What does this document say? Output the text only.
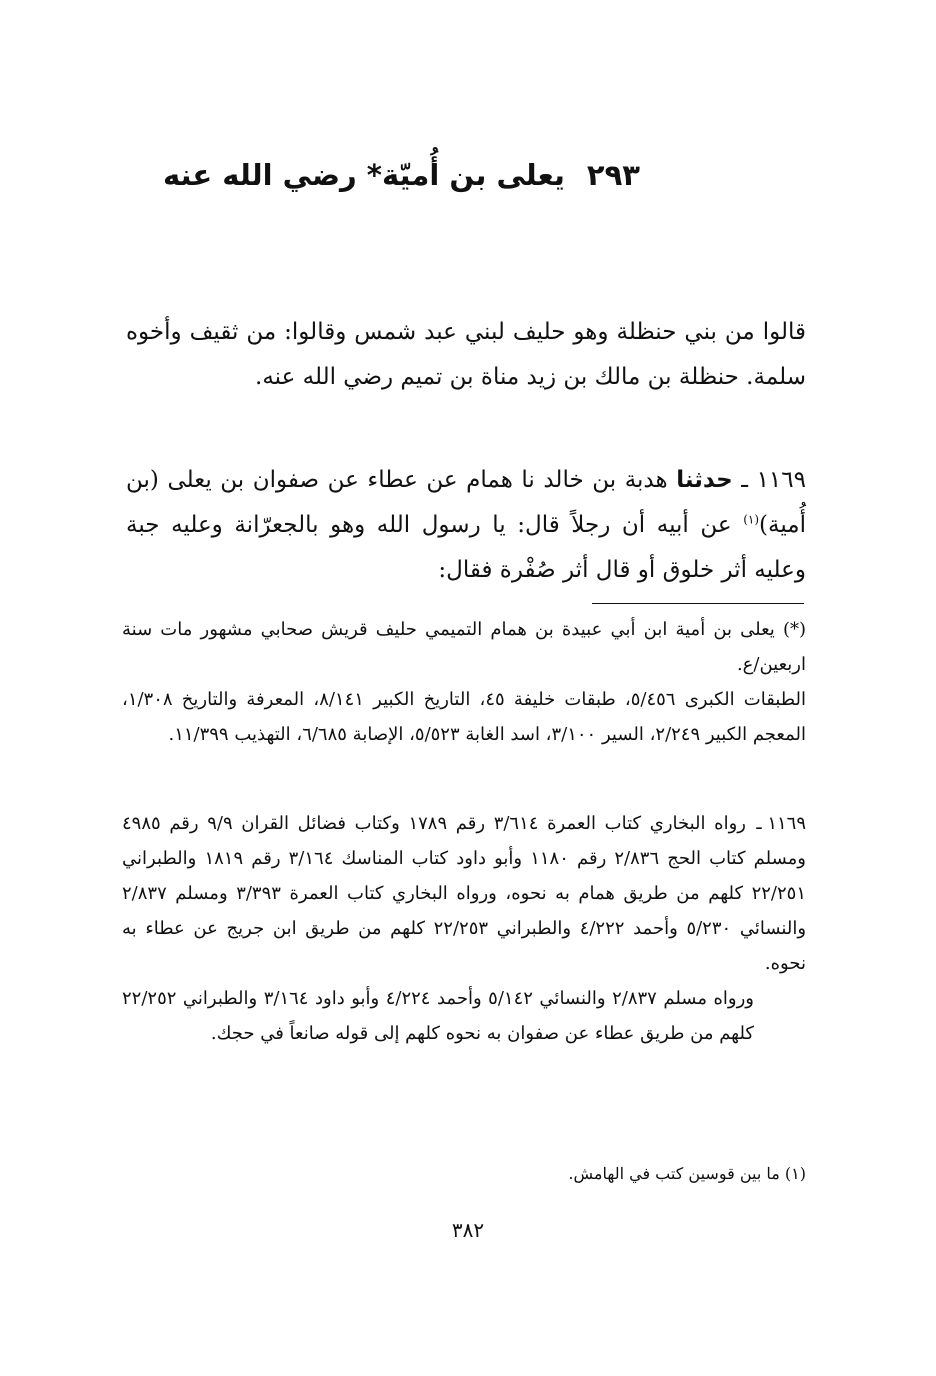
٢٩٣يعلى بن أُميّة* رضي الله عنه
قالوا من بني حنظلة وهو حليف لبني عبد شمس وقالوا: من ثقيف وأخوه سلمة. حنظلة بن مالك بن زيد مناة بن تميم رضي الله عنه.
١١٦٩ ـ حدثنا هدبة بن خالد نا همام عن عطاء عن صفوان بن يعلى (بن أُمية)$^{(١)}$ عن أبيه أن رجلاً قال: يا رسول الله وهو بالجعرّانة وعليه جبة وعليه أثر خلوق أو قال أثر صُفْرة فقال:

(*) يعلى بن أمية ابن أبي عبيدة بن همام التميمي حليف قريش صحابي مشهور مات سنة اربعين/ع.

الطبقات الكبرى ٥/٤٥٦، طبقات خليفة ٤٥، التاريخ الكبير ٨/١٤١، المعرفة والتاريخ ١/٣٠٨، المعجم الكبير ٢/٢٤٩، السير ٣/١٠٠، اسد الغابة ٥/٥٢٣، الإصابة ٦/٦٨٥، التهذيب ١١/٣٩٩.

١١٦٩ ـرواه البخاري كتاب العمرة ٣/٦١٤ رقم ١٧٨٩ وكتاب فضائل القران ٩/٩ رقم ٤٩٨٥ ومسلم كتاب الحج ٢/٨٣٦ رقم ١١٨٠ وأبو داود كتاب المناسك ٣/١٦٤ رقم ١٨١٩ والطبراني ٢٢/٢٥١ كلهم من طريق همام به نحوه، ورواه البخاري كتاب العمرة ٣/٣٩٣ ومسلم ٢/٨٣٧ والنسائي ٥/٢٣٠ وأحمد ٤/٢٢٢ والطبراني ٢٢/٢٥٣ كلهم من طريق ابن جريج عن عطاء به نحوه.

ورواه مسلم ٢/٨٣٧ والنسائي ٥/١٤٢ وأحمد ٤/٢٢٤ وأبو داود ٣/١٦٤ والطبراني ٢٢/٢٥٢ كلهم من طريق عطاء عن صفوان به نحوه كلهم إلى قوله صانعاً في حجك.

(١) ما بين قوسين كتب في الهامش.
٣٨٢
